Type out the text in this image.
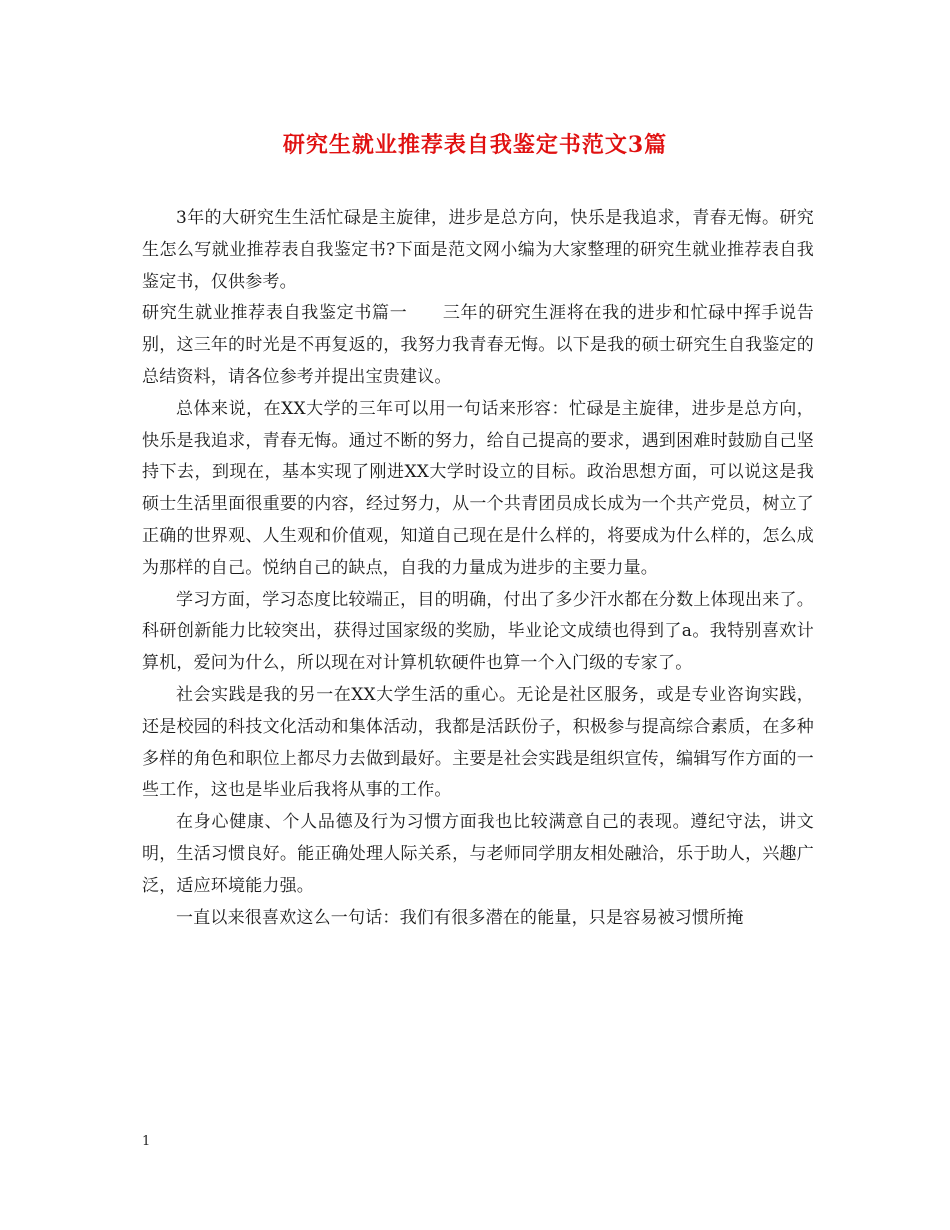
研究生就业推荐表自我鉴定书范文3篇

3年的大研究生生活忙碌是主旋律，进步是总方向，快乐是我追求，青春无悔。研究生怎么写就业推荐表自我鉴定书?下面是范文网小编为大家整理的研究生就业推荐表自我鉴定书，仅供参考。

研究生就业推荐表自我鉴定书篇一　　三年的研究生涯将在我的进步和忙碌中挥手说告别，这三年的时光是不再复返的，我努力我青春无悔。以下是我的硕士研究生自我鉴定的总结资料，请各位参考并提出宝贵建议。

总体来说，在XX大学的三年可以用一句话来形容：忙碌是主旋律，进步是总方向，快乐是我追求，青春无悔。通过不断的努力，给自己提高的要求，遇到困难时鼓励自己坚持下去，到现在，基本实现了刚进XX大学时设立的目标。政治思想方面，可以说这是我硕士生活里面很重要的内容，经过努力，从一个共青团员成长成为一个共产党员，树立了正确的世界观、人生观和价值观，知道自己现在是什么样的，将要成为什么样的，怎么成为那样的自己。悦纳自己的缺点，自我的力量成为进步的主要力量。

学习方面，学习态度比较端正，目的明确，付出了多少汗水都在分数上体现出来了。科研创新能力比较突出，获得过国家级的奖励，毕业论文成绩也得到了a。我特别喜欢计算机，爱问为什么，所以现在对计算机软硬件也算一个入门级的专家了。

社会实践是我的另一在XX大学生活的重心。无论是社区服务，或是专业咨询实践，还是校园的科技文化活动和集体活动，我都是活跃份子，积极参与提高综合素质，在多种多样的角色和职位上都尽力去做到最好。主要是社会实践是组织宣传，编辑写作方面的一些工作，这也是毕业后我将从事的工作。

在身心健康、个人品德及行为习惯方面我也比较满意自己的表现。遵纪守法，讲文明，生活习惯良好。能正确处理人际关系，与老师同学朋友相处融洽，乐于助人，兴趣广泛，适应环境能力强。

一直以来很喜欢这么一句话：我们有很多潜在的能量，只是容易被习惯所掩

1
